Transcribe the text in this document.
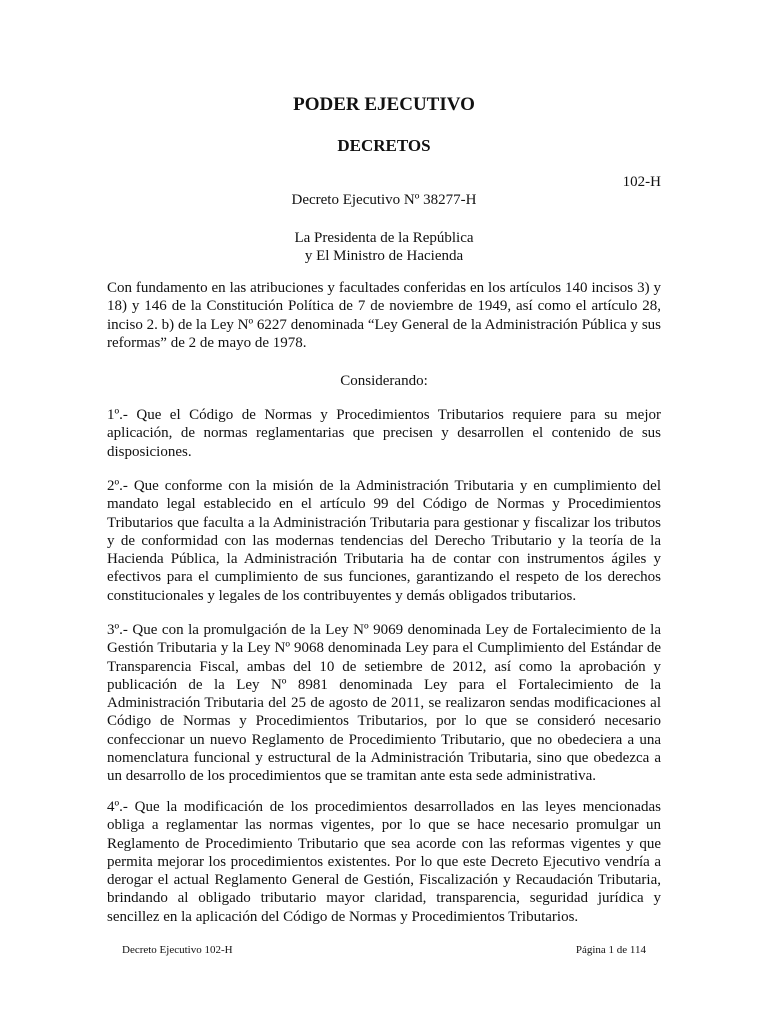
PODER EJECUTIVO
DECRETOS
102-H
Decreto Ejecutivo Nº 38277-H
La Presidenta de la República
y El Ministro de Hacienda

Con fundamento en las atribuciones y facultades conferidas en los artículos 140 incisos 3) y 18) y 146 de la Constitución Política de 7 de noviembre de 1949, así como el artículo 28, inciso 2. b) de la Ley Nº 6227 denominada “Ley General de la Administración Pública y sus reformas” de 2 de mayo de 1978.

Considerando:

1º.- Que el Código de Normas y Procedimientos Tributarios requiere para su mejor aplicación, de normas reglamentarias que precisen y desarrollen el contenido de sus disposiciones.

2º.- Que conforme con la misión de la Administración Tributaria y en cumplimiento del mandato legal establecido en el artículo 99 del Código de Normas y Procedimientos Tributarios que faculta a la Administración Tributaria para gestionar y fiscalizar los tributos y de conformidad con las modernas tendencias del Derecho Tributario y la teoría de la Hacienda Pública, la Administración Tributaria ha de contar con instrumentos ágiles y efectivos para el cumplimiento de sus funciones, garantizando el respeto de los derechos constitucionales y legales de los contribuyentes y demás obligados tributarios.

3º.- Que con la promulgación de la Ley Nº 9069 denominada Ley de Fortalecimiento de la Gestión Tributaria y la Ley Nº 9068 denominada Ley para el Cumplimiento del Estándar de Transparencia Fiscal, ambas del 10 de setiembre de 2012, así como la aprobación y publicación de la Ley Nº 8981 denominada Ley para el Fortalecimiento de la Administración Tributaria del 25 de agosto de 2011, se realizaron sendas modificaciones al Código de Normas y Procedimientos Tributarios, por lo que se consideró necesario confeccionar un nuevo Reglamento de Procedimiento Tributario, que no obedeciera a una nomenclatura funcional y estructural de la Administración Tributaria, sino que obedezca a un desarrollo de los procedimientos que se tramitan ante esta sede administrativa.

4º.- Que la modificación de los procedimientos desarrollados en las leyes mencionadas obliga a reglamentar las normas vigentes, por lo que se hace necesario promulgar un Reglamento de Procedimiento Tributario que sea acorde con las reformas vigentes y que permita mejorar los procedimientos existentes. Por lo que este Decreto Ejecutivo vendría a derogar el actual Reglamento General de Gestión, Fiscalización y Recaudación Tributaria, brindando al obligado tributario mayor claridad, transparencia, seguridad jurídica y sencillez en la aplicación del Código de Normas y Procedimientos Tributarios.

Decreto Ejecutivo 102-H	Página 1 de 114
